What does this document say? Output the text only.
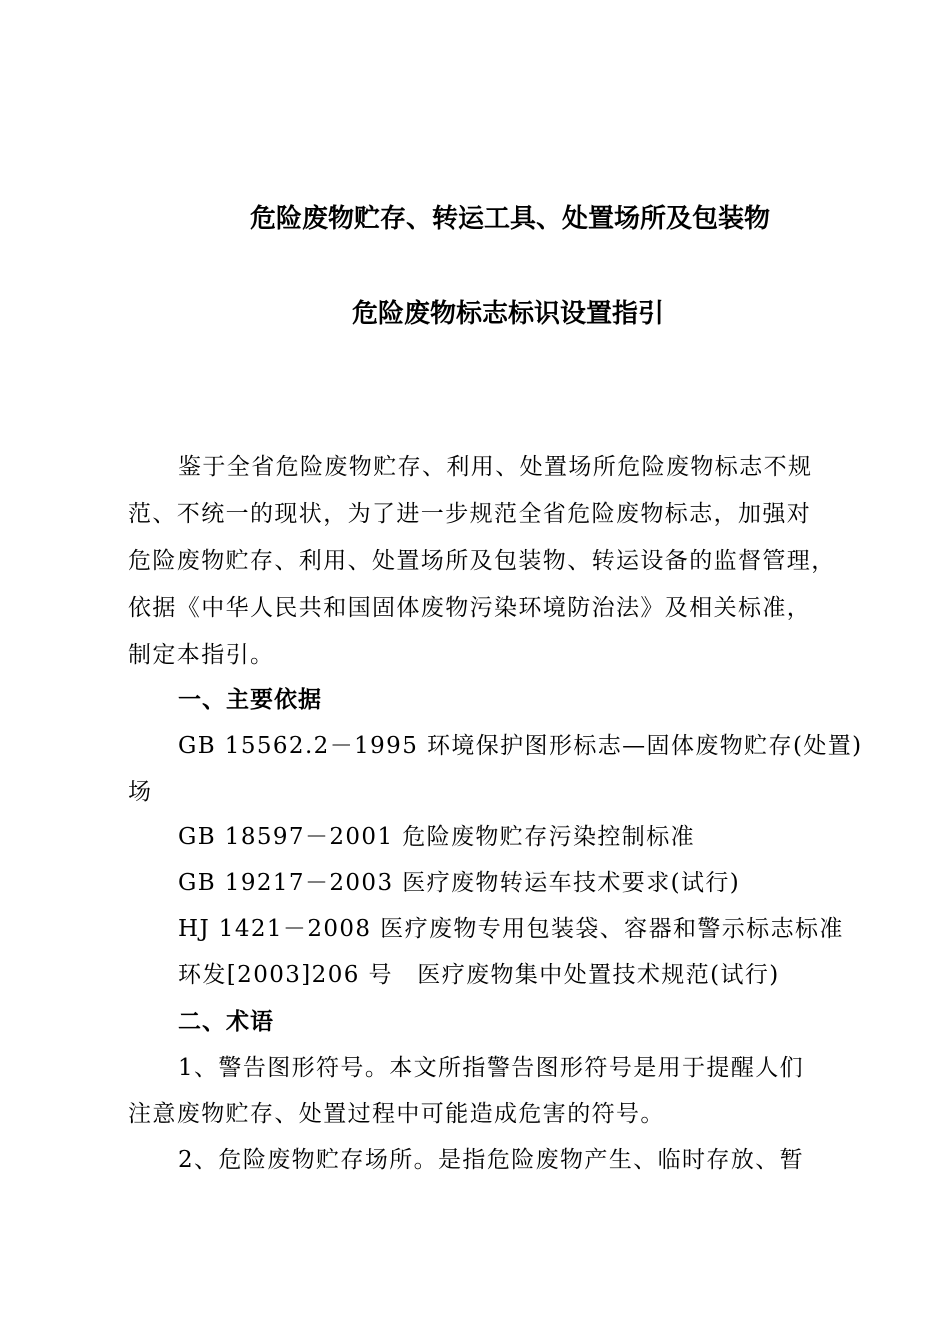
危险废物贮存、转运工具、处置场所及包装物
危险废物标志标识设置指引
鉴于全省危险废物贮存、利用、处置场所危险废物标志不规
范、不统一的现状，为了进一步规范全省危险废物标志，加强对
危险废物贮存、利用、处置场所及包装物、转运设备的监督管理，
依据《中华人民共和国固体废物污染环境防治法》及相关标准，
制定本指引。
一、主要依据
GB 15562.2－1995 环境保护图形标志—固体废物贮存(处置)
场
GB 18597－2001 危险废物贮存污染控制标准
GB 19217－2003 医疗废物转运车技术要求(试行)
HJ 1421－2008 医疗废物专用包装袋、容器和警示标志标准
环发[2003]206 号　医疗废物集中处置技术规范(试行)
二、术语
1、警告图形符号。本文所指警告图形符号是用于提醒人们
注意废物贮存、处置过程中可能造成危害的符号。
2、危险废物贮存场所。是指危险废物产生、临时存放、暂
